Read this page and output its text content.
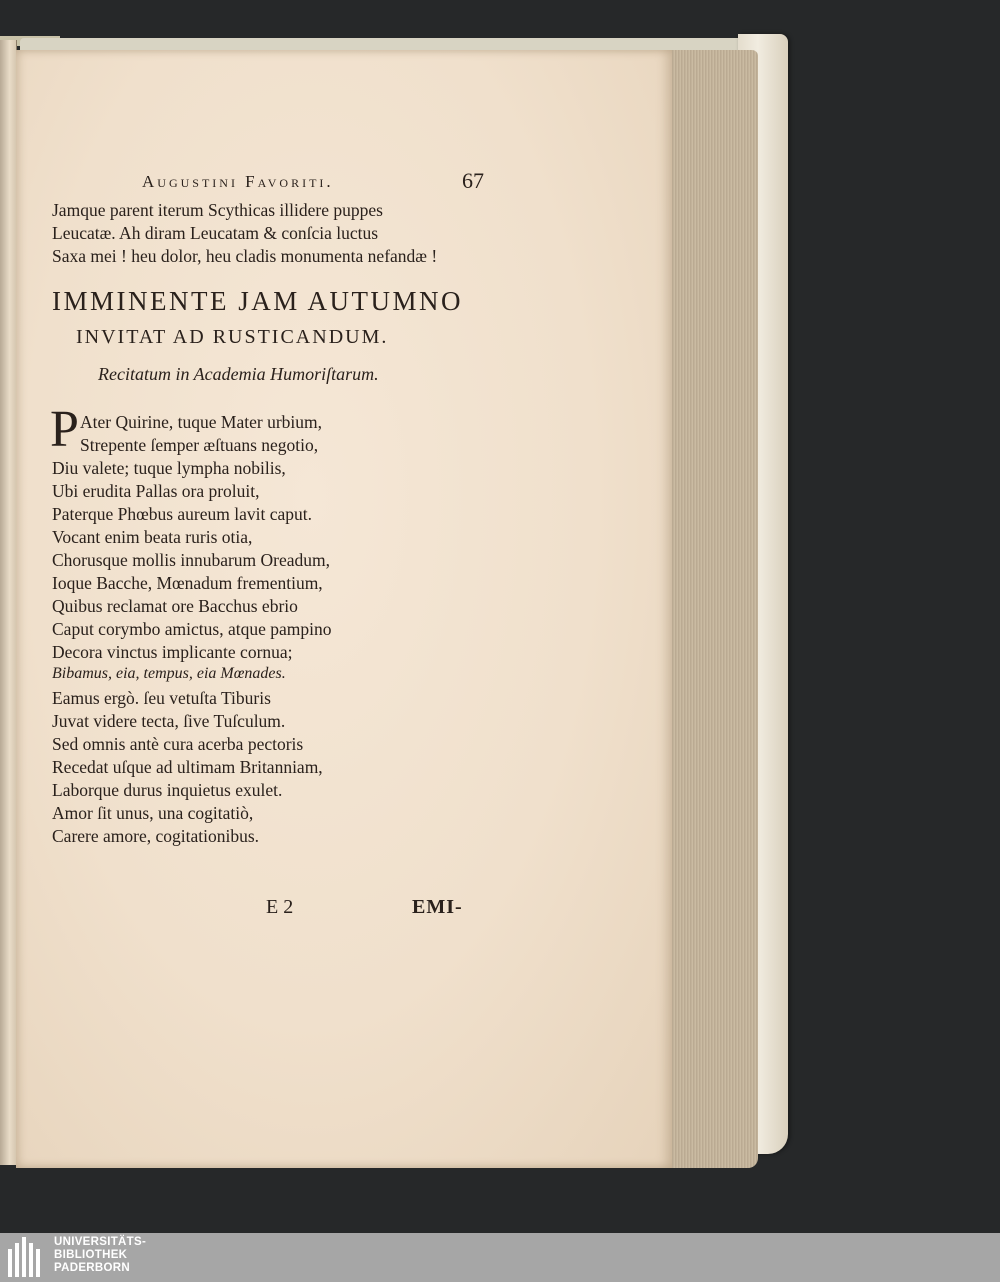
Augustini Favoriti.	67
Jamque parent iterum Scythicas illidere puppes
Leucatæ. Ah diram Leucatam & conſcia luctus
Saxa mei ! heu dolor, heu cladis monumenta nefandæ !
IMMINENTE JAM AUTUMNO
INVITAT AD RUSTICANDUM.
Recitatum in Academia Humoriſtarum.
P Ater Quirine, tuque Mater urbium,
Strepente ſemper æſtuans negotio,
Diu valete; tuque lympha nobilis,
Ubi erudita Pallas ora proluit,
Paterque Phœbus aureum lavit caput.
Vocant enim beata ruris otia,
Chorusque mollis innubarum Oreadum,
Ioque Bacche, Mœnadum frementium,
Quibus reclamat ore Bacchus ebrio
Caput corymbo amictus, atque pampino
Decora vinctus implicante cornua;
Bibamus, eia, tempus, eia Mœnades.
Eamus ergò. ſeu vetuſta Tiburis
Juvat videre tecta, ſive Tuſculum.
Sed omnis antè cura acerba pectoris
Recedat uſque ad ultimam Britanniam,
Laborque durus inquietus exulet.
Amor ſit unus, una cogitatiò,
Carere amore, cogitationibus.
E 2	EMI-
UNIVERSITÄTS-
BIBLIOTHEK
PADERBORN
